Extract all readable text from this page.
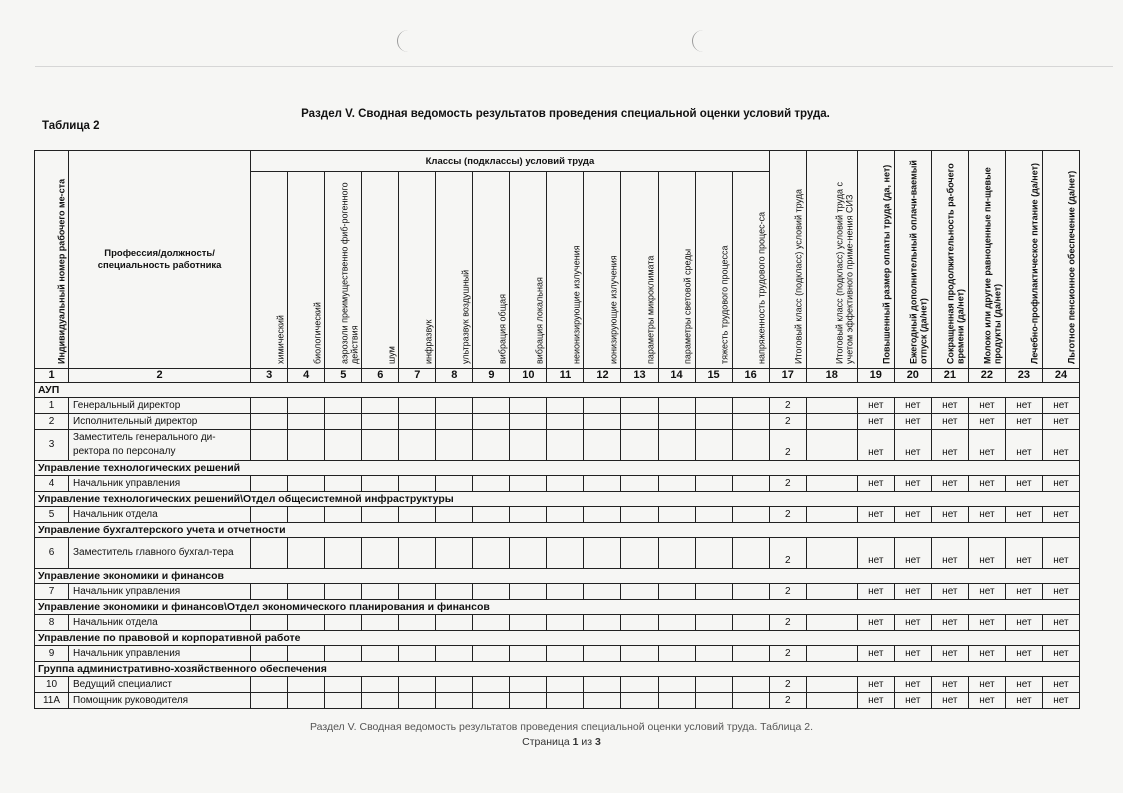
Раздел V. Сводная ведомость результатов проведения специальной оценки условий труда.
Таблица 2
Индивидуальный номер рабочего ме-ста	Профессия/должность/ специальность работника	Классы (подклассы) условий труда														Итоговый класс (подкласс) условий труда	Итоговый класс (подкласс) условий труда с учетом эффективного приме-нения СИЗ	Повышенный размер оплаты труда (да, нет)	Ежегодный дополнительный оплачи-ваемый отпуск (да/нет)	Сокращенная продолжительность ра-бочего времени (да/нет)	Молоко или другие равноценные пи-щевые продукты (да/нет)	Лечебно-профилактическое питание (да/нет)	Льготное пенсионное обеспечение (да/нет)
		химический	биологический	аэрозоли преимущественно фиб-рогенного действия	шум	инфразвук	ультразвук воздушный	вибрация общая	вибрация локальная	неионизирующие излучения	ионизирующие излучения	параметры микроклимата	параметры световой среды	тяжесть трудового процесса	напряженность трудового процес-са								
1	2	3	4	5	6	7	8	9	10	11	12	13	14	15	16	17	18	19	20	21	22	23	24
АУП																							
1	Генеральный директор															2		нет	нет	нет	нет	нет	нет
2	Исполнительный директор															2		нет	нет	нет	нет	нет	нет
3	Заместитель генерального ди-ректора по персоналу															2		нет	нет	нет	нет	нет	нет
Управление технологических решений																							
4	Начальник управления															2		нет	нет	нет	нет	нет	нет
Управление технологических решений\Отдел общесистемной инфраструктуры																							
5	Начальник отдела															2		нет	нет	нет	нет	нет	нет
Управление бухгалтерского учета и отчетности																							
6	Заместитель главного бухгал-тера															2		нет	нет	нет	нет	нет	нет
Управление экономики и финансов																							
7	Начальник управления															2		нет	нет	нет	нет	нет	нет
Управление экономики и финансов\Отдел экономического планирования и финансов																							
8	Начальник отдела															2		нет	нет	нет	нет	нет	нет
Управление по правовой и корпоративной работе																							
9	Начальник управления															2		нет	нет	нет	нет	нет	нет
Группа административно-хозяйственного обеспечения																							
10	Ведущий специалист															2		нет	нет	нет	нет	нет	нет
11А	Помощник руководителя															2		нет	нет	нет	нет	нет	нет
Раздел V. Сводная ведомость результатов проведения специальной оценки условий труда. Таблица 2.
Страница 1 из 3
